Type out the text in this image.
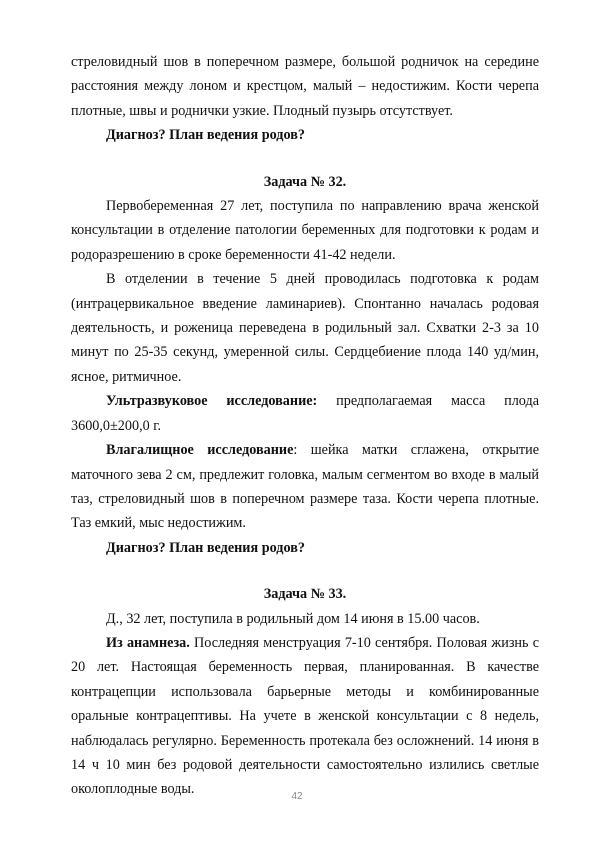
стреловидный шов в поперечном размере, большой родничок на середине расстояния между лоном и крестцом, малый – недостижим. Кости черепа плотные, швы и роднички узкие. Плодный пузырь отсутствует.

Диагноз? План ведения родов?

Задача № 32.

Первобеременная 27 лет, поступила по направлению врача женской консультации в отделение патологии беременных для подготовки к родам и родоразрешению в сроке беременности 41-42 недели.

В отделении в течение 5 дней проводилась подготовка к родам (интрацервикальное введение ламинариев). Спонтанно началась родовая деятельность, и роженица переведена в родильный зал. Схватки 2-3 за 10 минут по 25-35 секунд, умеренной силы. Сердцебиение плода 140 уд/мин, ясное, ритмичное.

Ультразвуковое исследование: предполагаемая масса плода 3600,0±200,0 г.

Влагалищное исследование: шейка матки сглажена, открытие маточного зева 2 см, предлежит головка, малым сегментом во входе в малый таз, стреловидный шов в поперечном размере таза. Кости черепа плотные. Таз емкий, мыс недостижим.

Диагноз? План ведения родов?

Задача № 33.

Д., 32 лет, поступила в родильный дом 14 июня в 15.00 часов.

Из анамнеза. Последняя менструация 7-10 сентября. Половая жизнь с 20 лет. Настоящая беременность первая, планированная. В качестве контрацепции использовала барьерные методы и комбинированные оральные контрацептивы. На учете в женской консультации с 8 недель, наблюдалась регулярно. Беременность протекала без осложнений. 14 июня в 14 ч 10 мин без родовой деятельности самостоятельно излились светлые околоплодные воды.	42
